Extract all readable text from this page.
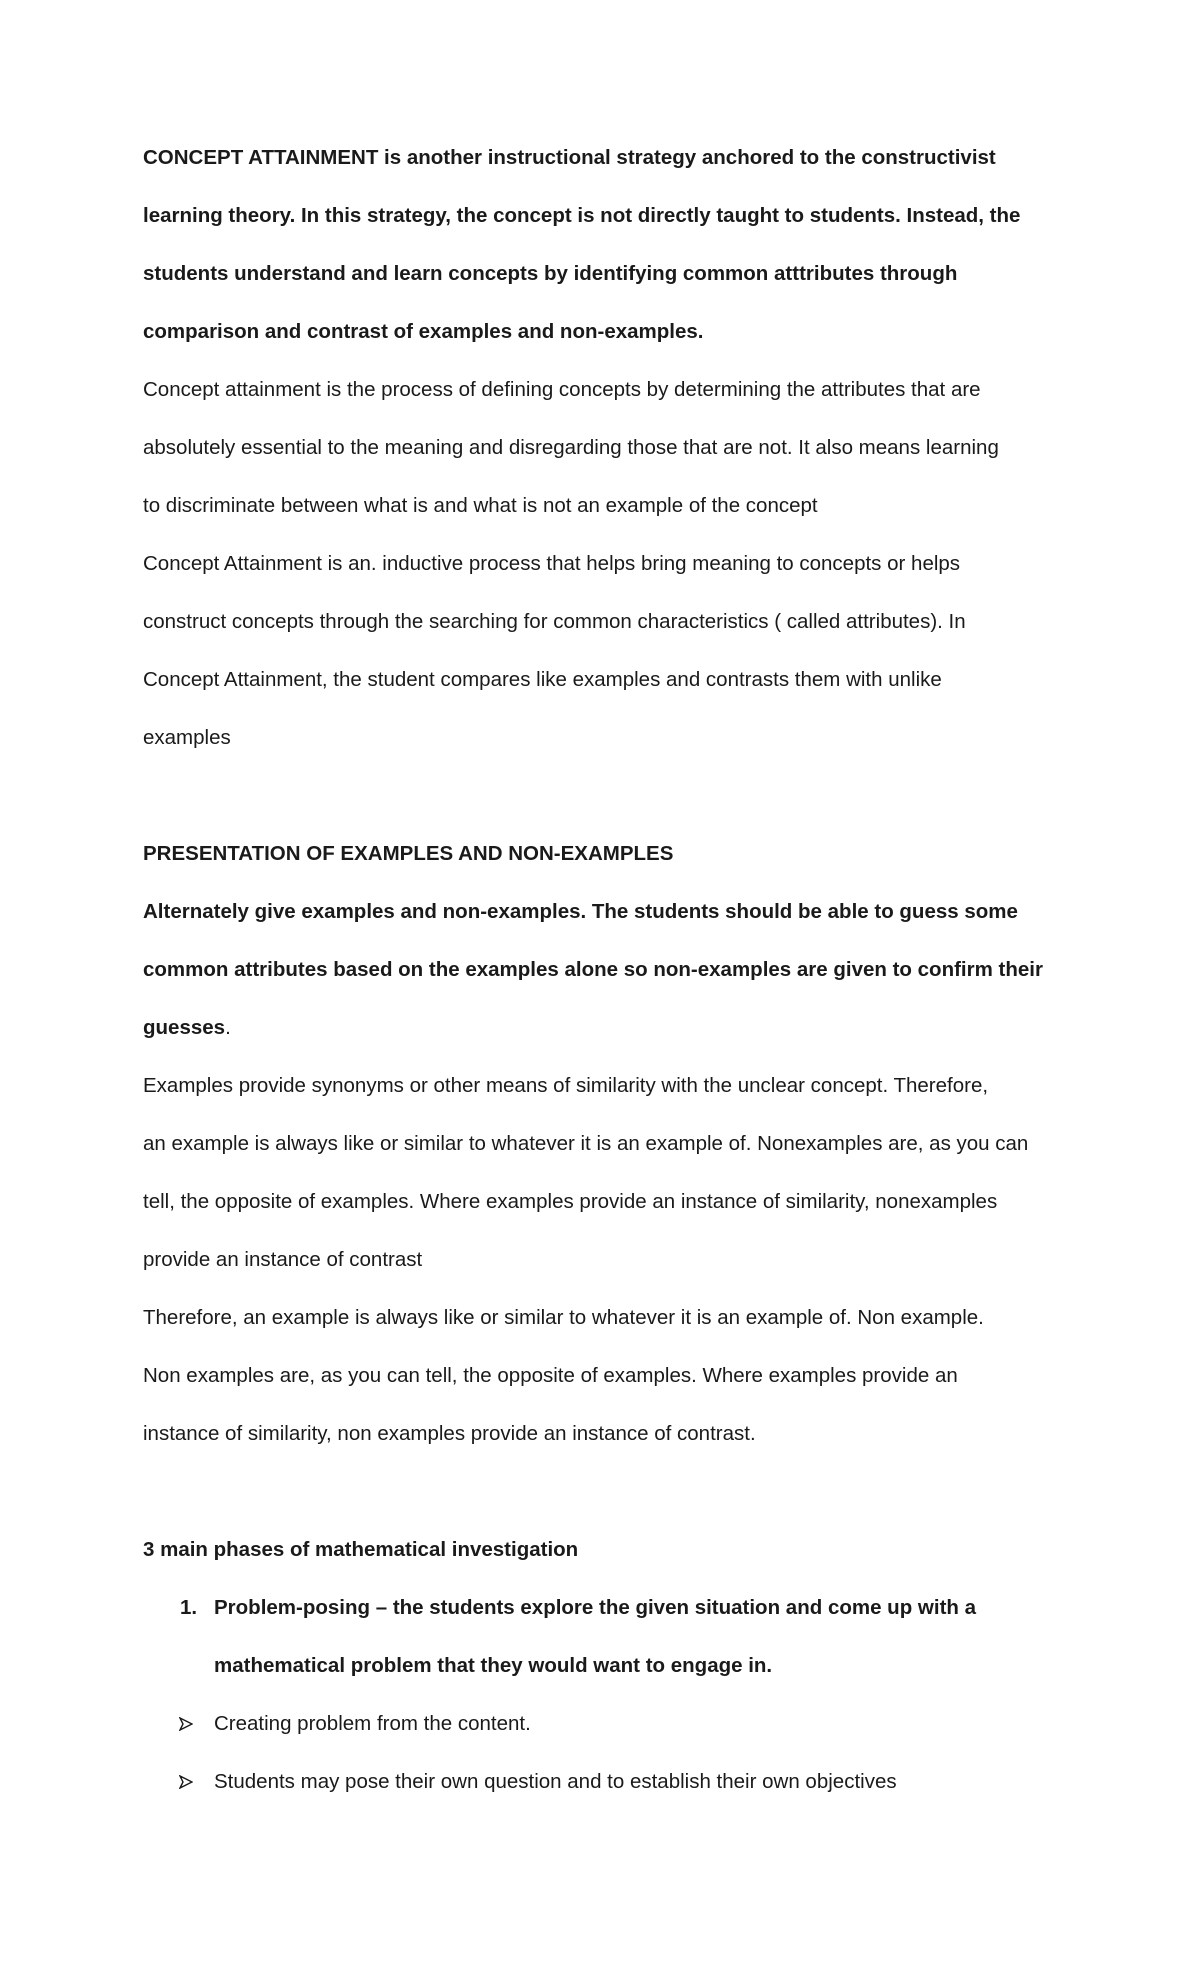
CONCEPT ATTAINMENT is another instructional strategy anchored to the constructivist
learning theory. In this strategy, the concept is not directly taught to students. Instead, the
students understand and learn concepts by identifying common atttributes through
comparison and contrast of examples and non-examples.
Concept attainment is the process of defining concepts by determining the attributes that are
absolutely essential to the meaning and disregarding those that are not. It also means learning
to discriminate between what is and what is not an example of the concept
Concept Attainment is an. inductive process that helps bring meaning to concepts or helps
construct concepts through the searching for common characteristics ( called attributes). In
Concept Attainment, the student compares like examples and contrasts them with unlike
examples
PRESENTATION OF EXAMPLES AND NON-EXAMPLES
Alternately give examples and non-examples. The students should be able to guess some
common attributes based on the examples alone so non-examples are given to confirm their
guesses.
Examples provide synonyms or other means of similarity with the unclear concept. Therefore,
an example is always like or similar to whatever it is an example of. Nonexamples are, as you can
tell, the opposite of examples. Where examples provide an instance of similarity, nonexamples
provide an instance of contrast
Therefore, an example is always like or similar to whatever it is an example of. Non example.
Non examples are, as you can tell, the opposite of examples. Where examples provide an
instance of similarity, non examples provide an instance of contrast.
3 main phases of mathematical investigation
1. Problem-posing – the students explore the given situation and come up with a
mathematical problem that they would want to engage in.
Creating problem from the content.
Students may pose their own question and to establish their own objectives
